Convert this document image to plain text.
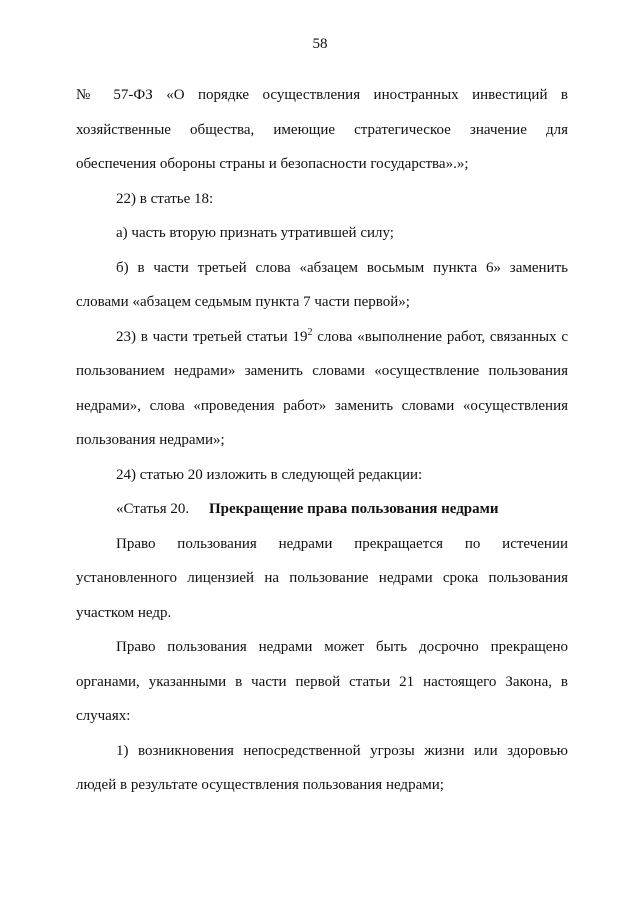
58

№ 57-ФЗ «О порядке осуществления иностранных инвестиций в хозяйственные общества, имеющие стратегическое значение для обеспечения обороны страны и безопасности государства».»;

22) в статье 18:

а) часть вторую признать утратившей силу;

б) в части третьей слова «абзацем восьмым пункта 6» заменить словами «абзацем седьмым пункта 7 части первой»;

23) в части третьей статьи $19^2$ слова «выполнение работ, связанных с пользованием недрами» заменить словами «осуществление пользования недрами», слова «проведения работ» заменить словами «осуществления пользования недрами»;

24) статью 20 изложить в следующей редакции:

«Статья 20. Прекращение права пользования недрами

Право пользования недрами прекращается по истечении установленного лицензией на пользование недрами срока пользования участком недр.

Право пользования недрами может быть досрочно прекращено органами, указанными в части первой статьи 21 настоящего Закона, в случаях:

1) возникновения непосредственной угрозы жизни или здоровью людей в результате осуществления пользования недрами;
